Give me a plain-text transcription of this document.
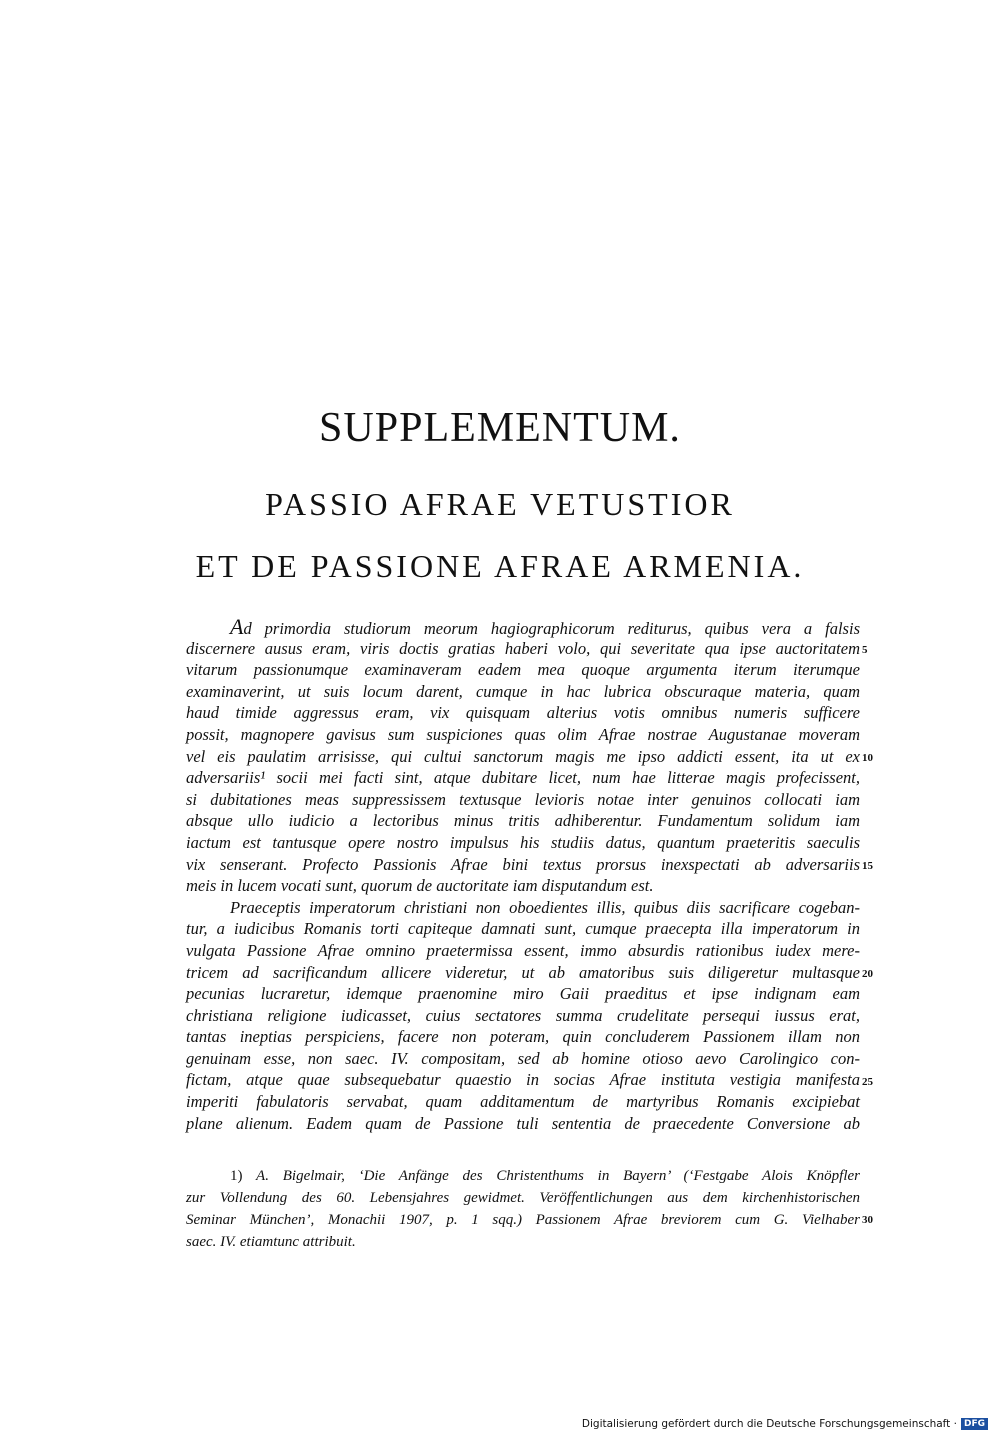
SUPPLEMENTUM.
PASSIO AFRAE VETUSTIOR
ET DE PASSIONE AFRAE ARMENIA.
Ad primordia studiorum meorum hagiographicorum rediturus, quibus vera a falsis
discernere ausus eram, viris doctis gratias haberi volo, qui severitate qua ipse auctoritatem
vitarum passionumque examinaveram eadem mea quoque argumenta iterum iterumque
examinaverint, ut suis locum darent, cumque in hac lubrica obscuraque materia, quam
haud timide aggressus eram, vix quisquam alterius votis omnibus numeris sufficere
possit, magnopere gavisus sum suspiciones quas olim Afrae nostrae Augustanae moveram
vel eis paulatim arrisisse, qui cultui sanctorum magis me ipso addicti essent, ita ut ex
adversariis¹ socii mei facti sint, atque dubitare licet, num hae litterae magis profecissent,
si dubitationes meas suppressissem textusque levioris notae inter genuinos collocati iam
absque ullo iudicio a lectoribus minus tritis adhiberentur. Fundamentum solidum iam
iactum est tantusque opere nostro impulsus his studiis datus, quantum praeteritis saeculis
vix senserant. Profecto Passionis Afrae bini textus prorsus inexspectati ab adversariis
meis in lucem vocati sunt, quorum de auctoritate iam disputandum est.
Praeceptis imperatorum christiani non oboedientes illis, quibus diis sacrificare cogeban-
tur, a iudicibus Romanis torti capiteque damnati sunt, cumque praecepta illa imperatorum in
vulgata Passione Afrae omnino praetermissa essent, immo absurdis rationibus iudex mere-
tricem ad sacrificandum allicere videretur, ut ab amatoribus suis diligeretur multasque
pecunias lucraretur, idemque praenomine miro Gaii praeditus et ipse indignam eam
christiana religione iudicasset, cuius sectatores summa crudelitate persequi iussus erat,
tantas ineptias perspiciens, facere non poteram, quin concluderem Passionem illam non
genuinam esse, non saec. IV. compositam, sed ab homine otioso aevo Carolingico con-
fictam, atque quae subsequebatur quaestio in socias Afrae instituta vestigia manifesta
imperiti fabulatoris servabat, quam additamentum de martyribus Romanis excipiebat
plane alienum. Eadem quam de Passione tuli sententia de praecedente Conversione ab
5
10
15
20
25
1) A. Bigelmair, ‘Die Anfänge des Christenthums in Bayern’ (‘Festgabe Alois Knöpfler
zur Vollendung des 60. Lebensjahres gewidmet. Veröffentlichungen aus dem kirchenhistorischen
Seminar München’, Monachii 1907, p. 1 sqq.) Passionem Afrae breviorem cum G. Vielhaber
saec. IV. etiamtunc attribuit.
30
Digitalisierung gefördert durch die Deutsche Forschungsgemeinschaft · DFG
